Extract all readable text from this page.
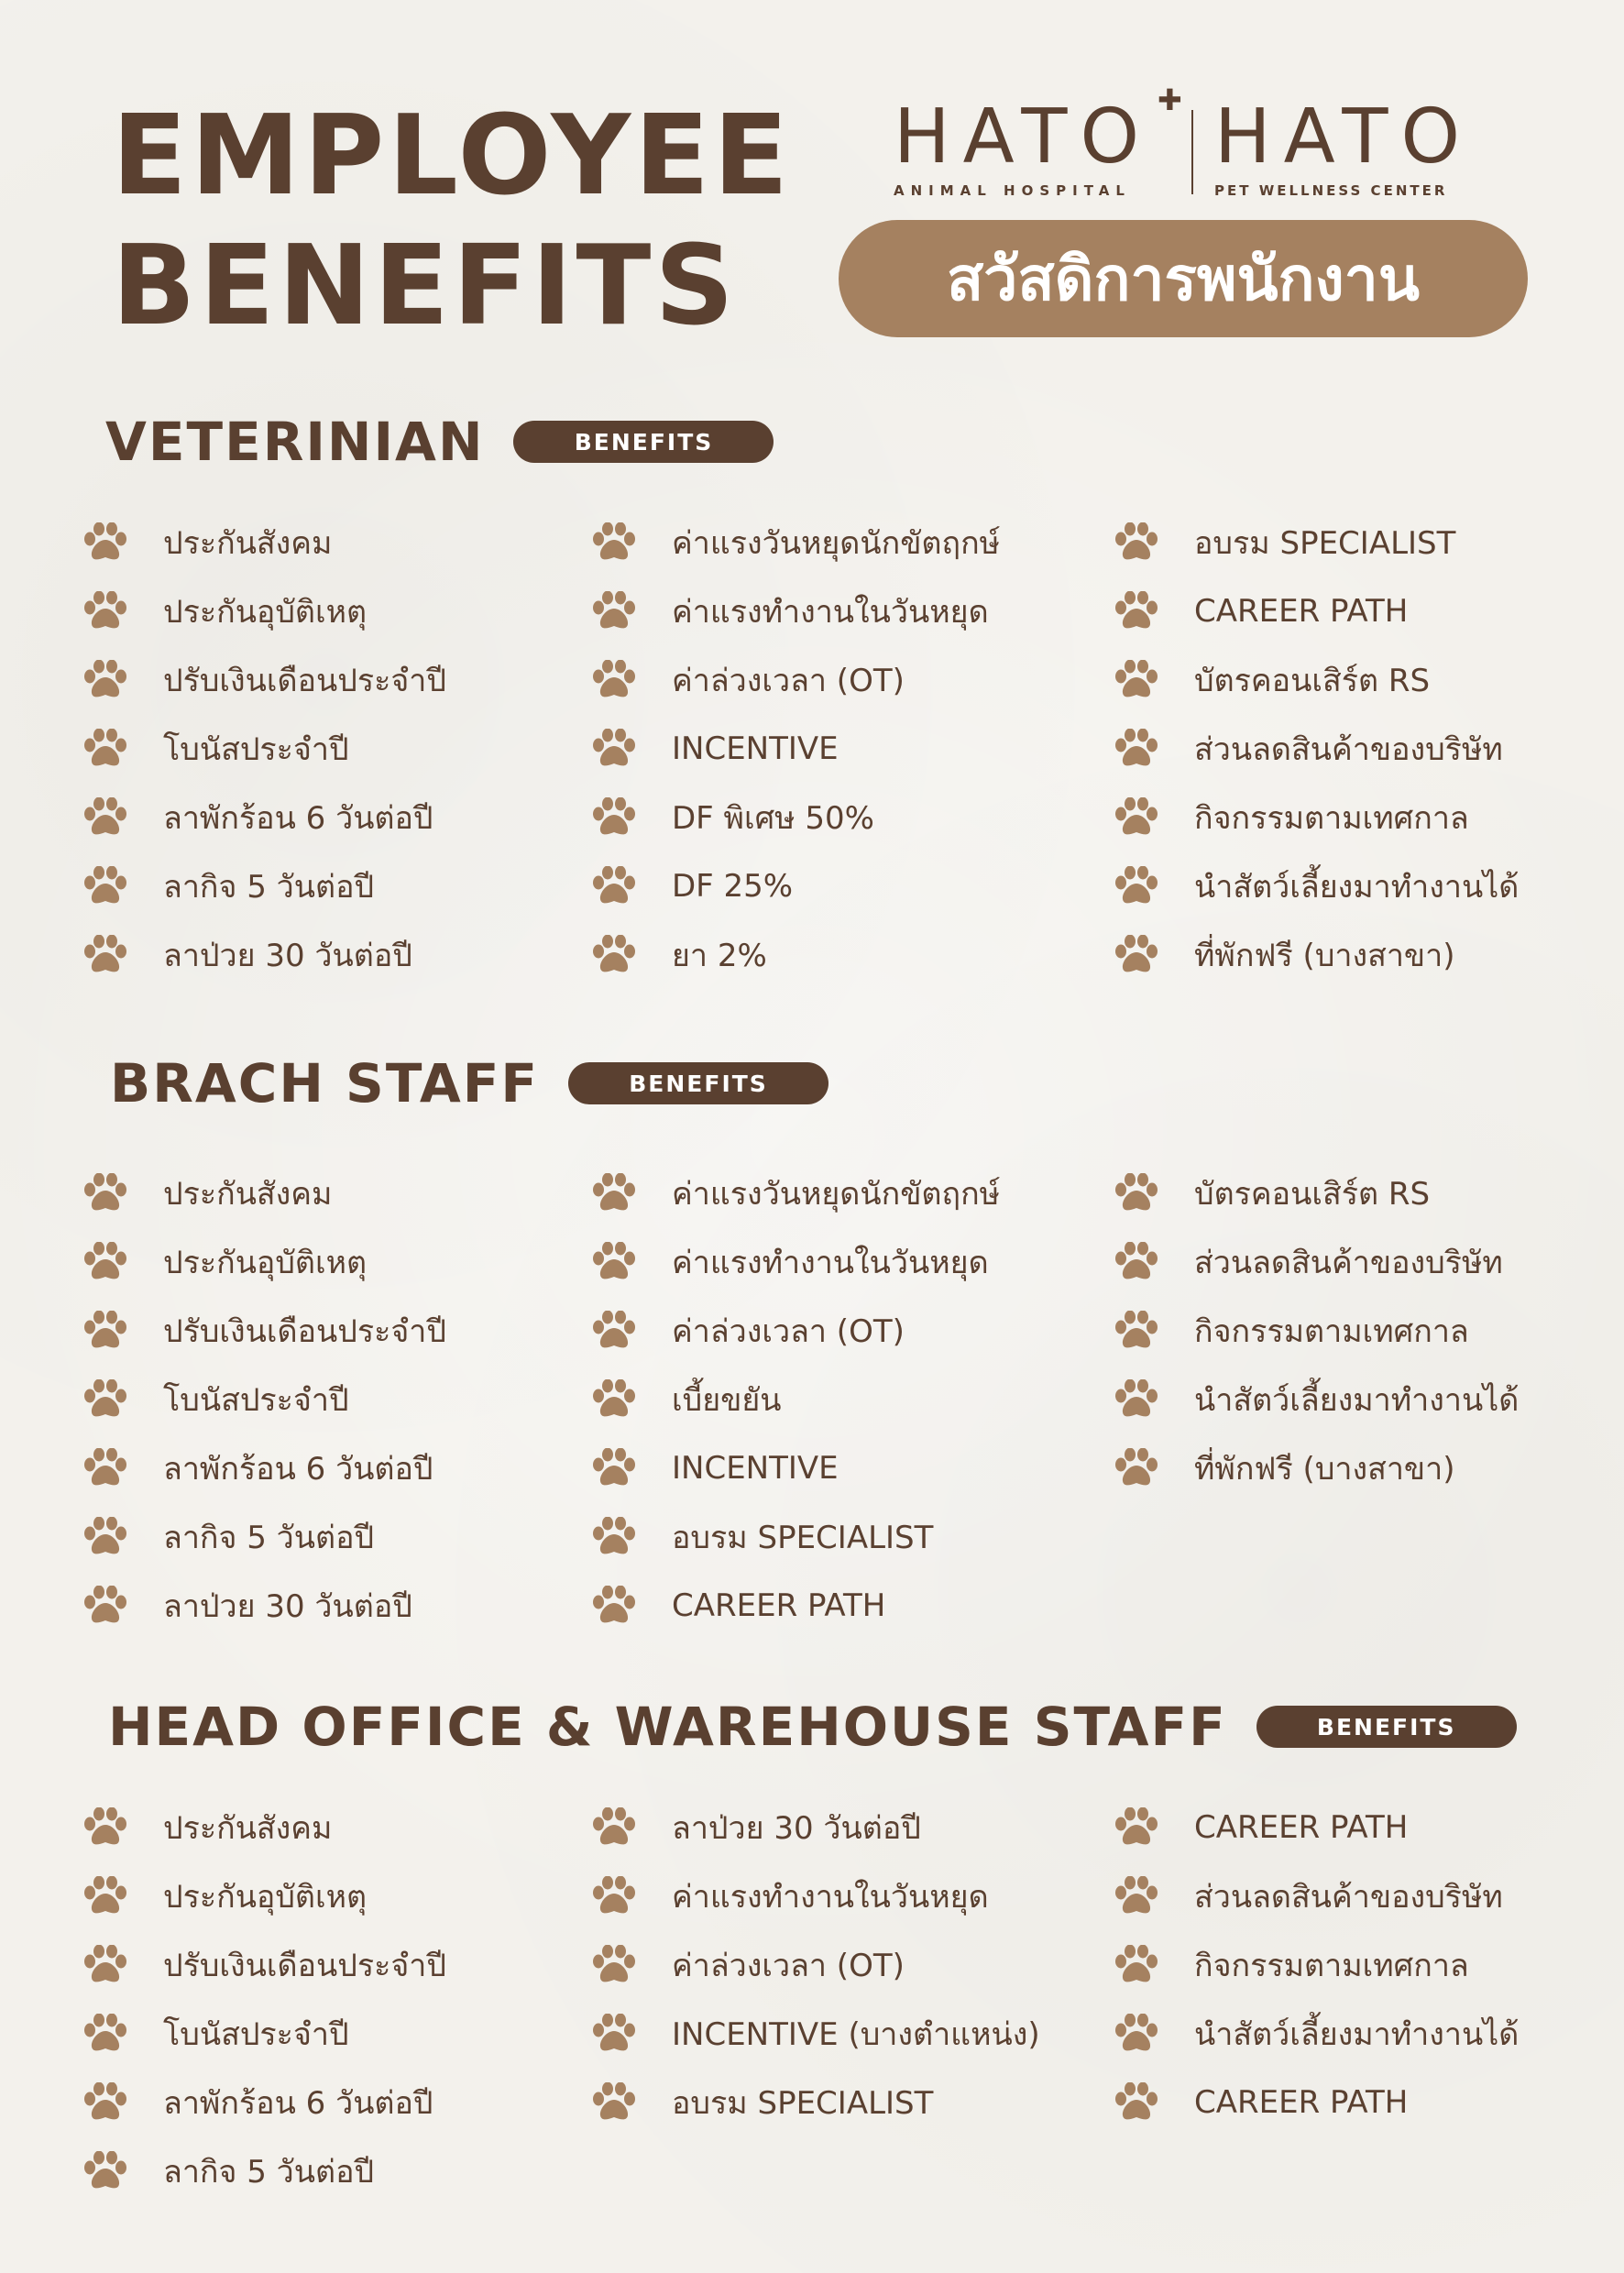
EMPLOYEE
BENEFITS
HATO
ANIMAL HOSPITAL
✚ HATO
PET WELLNESS CENTER
สวัสดิการพนักงาน
VETERINIAN	BENEFITS
BRACH STAFF	BENEFITS
HEAD OFFICE & WAREHOUSE STAFF	BENEFITS
ประกันสังคม
ประกันอุบัติเหตุ
ปรับเงินเดือนประจำปี
โบนัสประจำปี
ลาพักร้อน 6 วันต่อปี
ลากิจ 5 วันต่อปี
ลาป่วย 30 วันต่อปี
ค่าแรงวันหยุดนักขัตฤกษ์
ค่าแรงทำงานในวันหยุด
ค่าล่วงเวลา (OT)
INCENTIVE
DF พิเศษ 50%
DF 25%
ยา 2%
อบรม SPECIALIST
CAREER PATH
บัตรคอนเสิร์ต RS
ส่วนลดสินค้าของบริษัท
กิจกรรมตามเทศกาล
นำสัตว์เลี้ยงมาทำงานได้
ที่พักฟรี (บางสาขา)
ประกันสังคม
ประกันอุบัติเหตุ
ปรับเงินเดือนประจำปี
โบนัสประจำปี
ลาพักร้อน 6 วันต่อปี
ลากิจ 5 วันต่อปี
ลาป่วย 30 วันต่อปี
ค่าแรงวันหยุดนักขัตฤกษ์
ค่าแรงทำงานในวันหยุด
ค่าล่วงเวลา (OT)
เบี้ยขยัน
INCENTIVE
อบรม SPECIALIST
CAREER PATH
บัตรคอนเสิร์ต RS
ส่วนลดสินค้าของบริษัท
กิจกรรมตามเทศกาล
นำสัตว์เลี้ยงมาทำงานได้
ที่พักฟรี (บางสาขา)
ประกันสังคม
ประกันอุบัติเหตุ
ปรับเงินเดือนประจำปี
โบนัสประจำปี
ลาพักร้อน 6 วันต่อปี
ลากิจ 5 วันต่อปี
ลาป่วย 30 วันต่อปี
ค่าแรงทำงานในวันหยุด
ค่าล่วงเวลา (OT)
INCENTIVE (บางตำแหน่ง)
อบรม SPECIALIST
CAREER PATH
ส่วนลดสินค้าของบริษัท
กิจกรรมตามเทศกาล
นำสัตว์เลี้ยงมาทำงานได้
CAREER PATH
